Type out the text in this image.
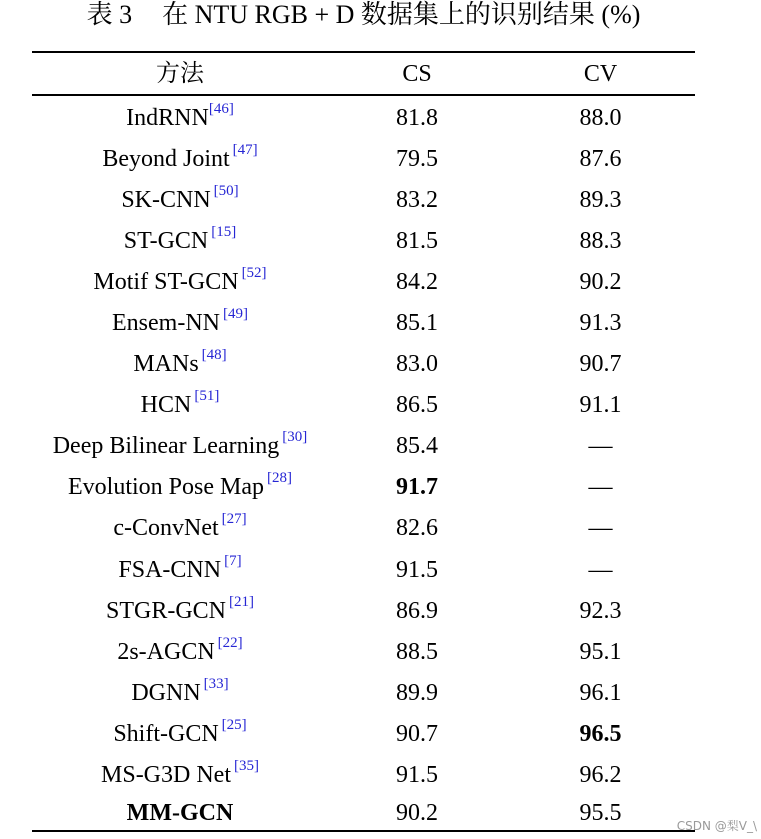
表 3 在 NTU RGB + D 数据集上的识别结果 (%)
方法	CS	CV
IndRNN [46]	81.8	88.0
Beyond Joint [47]	79.5	87.6
SK-CNN [50]	83.2	89.3
ST-GCN [15]	81.5	88.3
Motif ST-GCN [52]	84.2	90.2
Ensem-NN [49]	85.1	91.3
MANs [48]	83.0	90.7
HCN [51]	86.5	91.1
Deep Bilinear Learning [30]	85.4	—
Evolution Pose Map [28]	91.7	—
c-ConvNet [27]	82.6	—
FSA-CNN [7]	91.5	—
STGR-GCN [21]	86.9	92.3
2s-AGCN [22]	88.5	95.1
DGNN [33]	89.9	96.1
Shift-GCN [25]	90.7	96.5
MS-G3D Net [35]	91.5	96.2
MM-GCN	90.2	95.5
CSDN @梨V_\
